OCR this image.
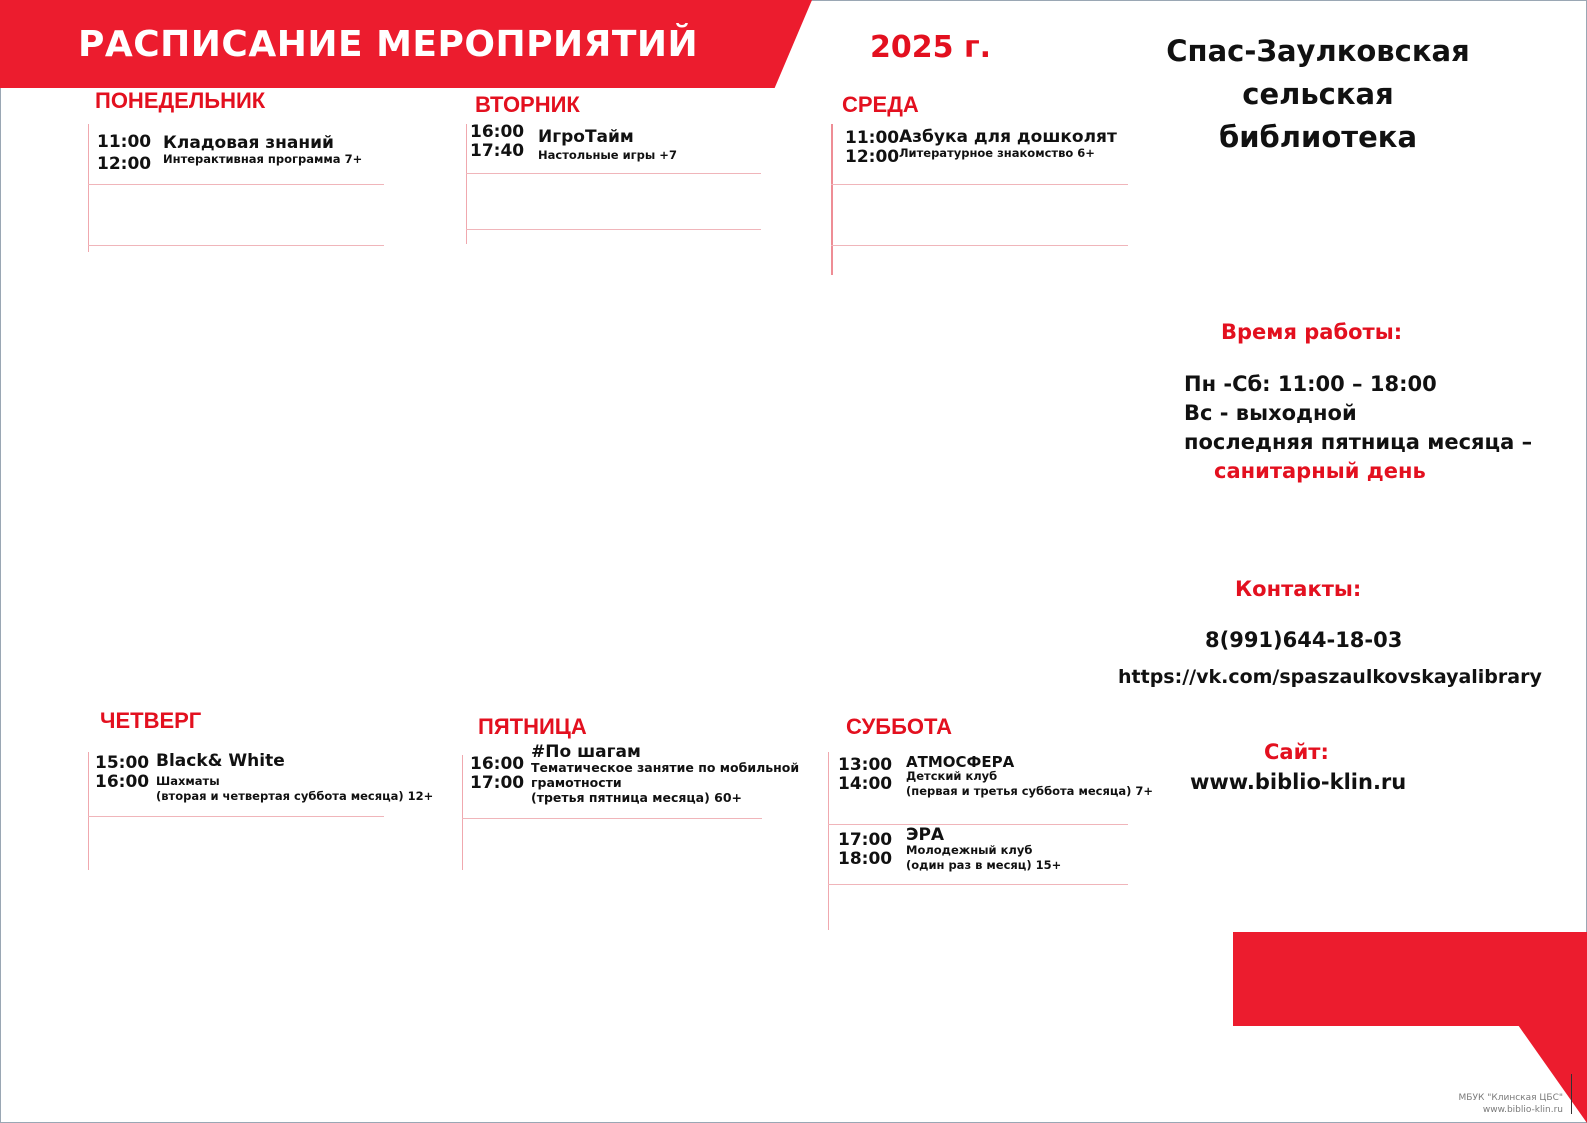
РАСПИСАНИЕ МЕРОПРИЯТИЙ	2025 г.	Спас-Заулковская
сельская библиотека
ПОНЕДЕЛЬНИК
11:00
12:00
Кладовая знаний
Интерактивная программа 7+
ВТОРНИК
16:00
17:40
ИгроТайм
Настольные игры +7
СРЕДА
11:00
12:00
Азбука для дошколят
Литературное знакомство 6+
ЧЕТВЕРГ
15:00
16:00
Black& White
Шахматы
(вторая и четвертая суббота месяца) 12+
ПЯТНИЦА
16:00
17:00
#По шагам
Тематическое занятие по мобильной
грамотности
(третья пятница месяца) 60+
СУББОТА
13:00
14:00
АТМОСФЕРА
Детский клуб
(первая и третья суббота месяца) 7+
17:00
18:00
ЭРА
Молодежный клуб
(один раз в месяц) 15+
Время работы:
Пн -Сб: 11:00 – 18:00
Вс - выходной
последняя пятница месяца –
санитарный день
Контакты:
8(991)644-18-03
https://vk.com/spaszaulkovskayalibrary
Сайт:
www.biblio-klin.ru
МБУК "Клинская ЦБС"
www.biblio-klin.ru
